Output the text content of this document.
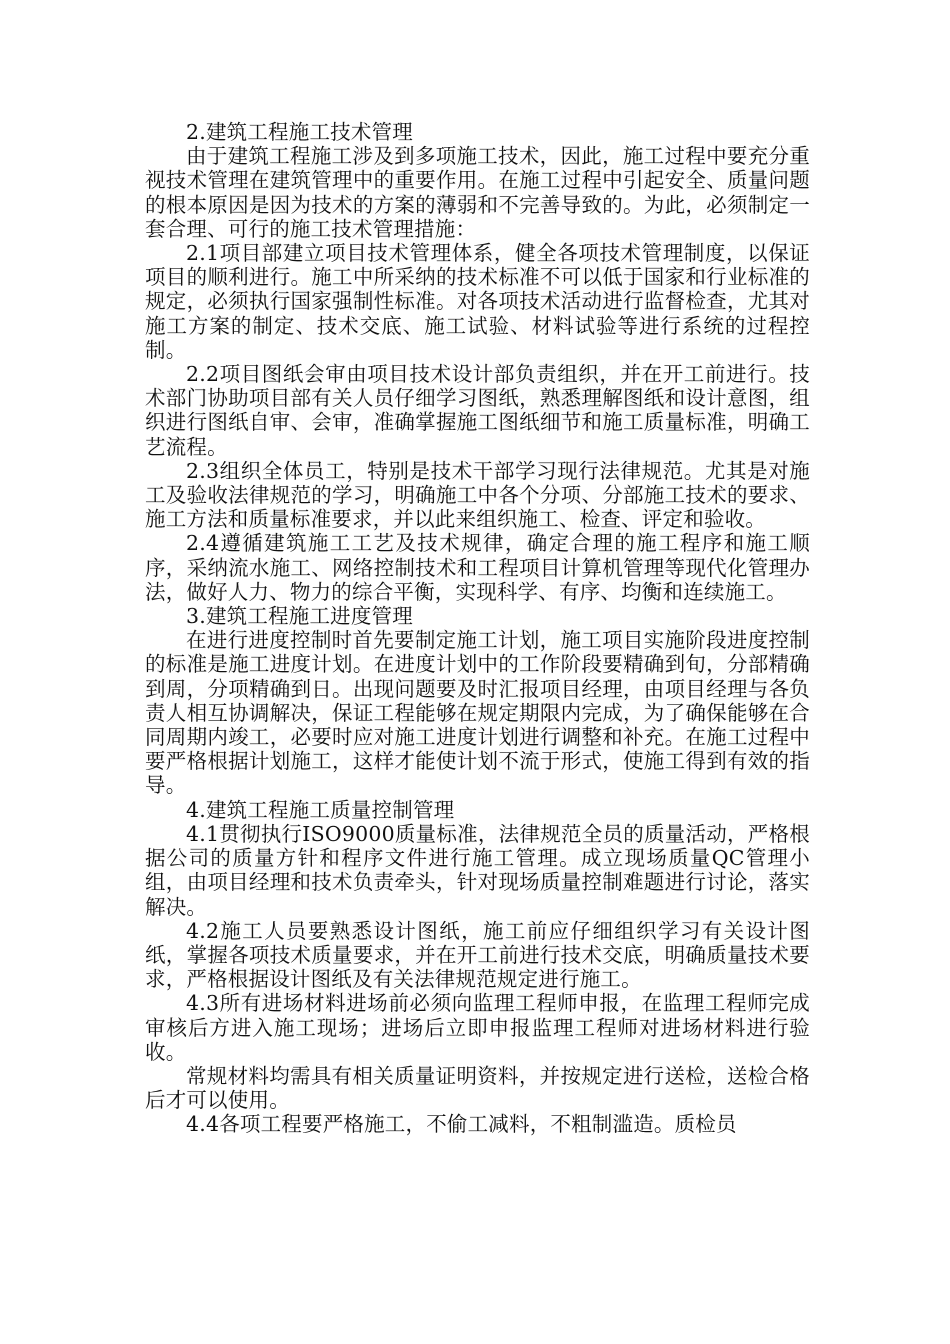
2.建筑工程施工技术管理

由于建筑工程施工涉及到多项施工技术，因此，施工过程中要充分重视技术管理在建筑管理中的重要作用。在施工过程中引起安全、质量问题的根本原因是因为技术的方案的薄弱和不完善导致的。为此，必须制定一套合理、可行的施工技术管理措施：

2.1项目部建立项目技术管理体系，健全各项技术管理制度，以保证项目的顺利进行。施工中所采纳的技术标准不可以低于国家和行业标准的规定，必须执行国家强制性标准。对各项技术活动进行监督检查，尤其对施工方案的制定、技术交底、施工试验、材料试验等进行系统的过程控制。

2.2项目图纸会审由项目技术设计部负责组织，并在开工前进行。技术部门协助项目部有关人员仔细学习图纸，熟悉理解图纸和设计意图，组织进行图纸自审、会审，准确掌握施工图纸细节和施工质量标准，明确工艺流程。

2.3组织全体员工，特别是技术干部学习现行法律规范。尤其是对施工及验收法律规范的学习，明确施工中各个分项、分部施工技术的要求、施工方法和质量标准要求，并以此来组织施工、检查、评定和验收。

2.4遵循建筑施工工艺及技术规律，确定合理的施工程序和施工顺序，采纳流水施工、网络控制技术和工程项目计算机管理等现代化管理办法，做好人力、物力的综合平衡，实现科学、有序、均衡和连续施工。

3.建筑工程施工进度管理

在进行进度控制时首先要制定施工计划，施工项目实施阶段进度控制的标准是施工进度计划。在进度计划中的工作阶段要精确到旬，分部精确到周，分项精确到日。出现问题要及时汇报项目经理，由项目经理与各负责人相互协调解决，保证工程能够在规定期限内完成，为了确保能够在合同周期内竣工，必要时应对施工进度计划进行调整和补充。在施工过程中要严格根据计划施工，这样才能使计划不流于形式，使施工得到有效的指导。

4.建筑工程施工质量控制管理

4.1贯彻执行ISO9000质量标准，法律规范全员的质量活动，严格根据公司的质量方针和程序文件进行施工管理。成立现场质量QC管理小组，由项目经理和技术负责牵头，针对现场质量控制难题进行讨论，落实解决。

4.2施工人员要熟悉设计图纸，施工前应仔细组织学习有关设计图纸，掌握各项技术质量要求，并在开工前进行技术交底，明确质量技术要求，严格根据设计图纸及有关法律规范规定进行施工。

4.3所有进场材料进场前必须向监理工程师申报，在监理工程师完成审核后方进入施工现场；进场后立即申报监理工程师对进场材料进行验收。

常规材料均需具有相关质量证明资料，并按规定进行送检，送检合格后才可以使用。

4.4各项工程要严格施工，不偷工减料，不粗制滥造。质检员
